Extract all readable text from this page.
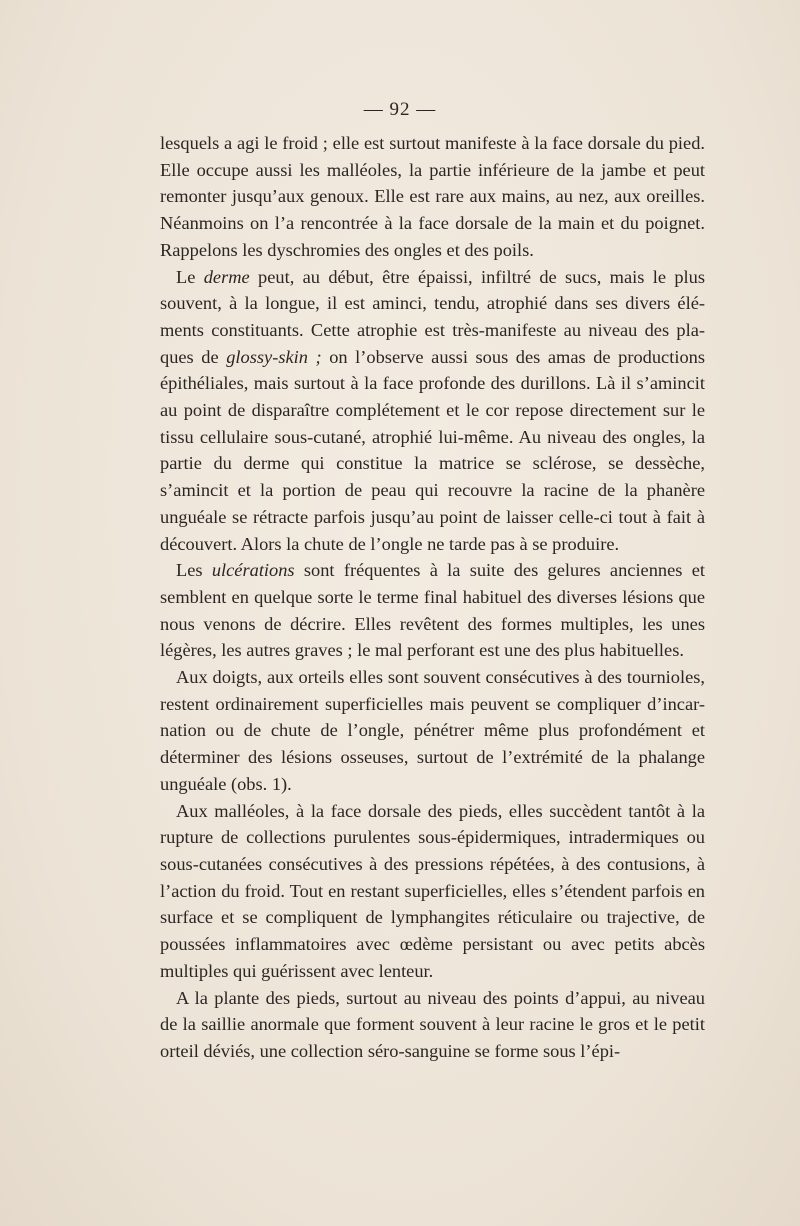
— 92 —

lesquels a agi le froid ; elle est surtout manifeste à la face dorsale du pied. Elle occupe aussi les malléoles, la partie inférieure de la jambe et peut remonter jusqu’aux genoux. Elle est rare aux mains, au nez, aux oreilles. Néanmoins on l’a rencontrée à la face dorsale de la main et du poignet. Rappelons les dyschromies des ongles et des poils.

Le derme peut, au début, être épaissi, infiltré de sucs, mais le plus souvent, à la longue, il est aminci, tendu, atrophié dans ses divers élé-ments constituants. Cette atrophie est très-manifeste au niveau des pla-ques de glossy-skin ; on l’observe aussi sous des amas de productions épithéliales, mais surtout à la face profonde des durillons. Là il s’amincit au point de disparaître complétement et le cor repose directement sur le tissu cellulaire sous-cutané, atrophié lui-même. Au niveau des ongles, la partie du derme qui constitue la matrice se sclérose, se dessèche, s’amincit et la portion de peau qui recouvre la racine de la phanère unguéale se rétracte parfois jusqu’au point de laisser celle-ci tout à fait à découvert. Alors la chute de l’ongle ne tarde pas à se produire.

Les ulcérations sont fréquentes à la suite des gelures anciennes et semblent en quelque sorte le terme final habituel des diverses lésions que nous venons de décrire. Elles revêtent des formes multiples, les unes légères, les autres graves ; le mal perforant est une des plus habituelles.

Aux doigts, aux orteils elles sont souvent consécutives à des tournioles, restent ordinairement superficielles mais peuvent se compliquer d’incar-nation ou de chute de l’ongle, pénétrer même plus profondément et déterminer des lésions osseuses, surtout de l’extrémité de la phalange unguéale (obs. 1).

Aux malléoles, à la face dorsale des pieds, elles succèdent tantôt à la rupture de collections purulentes sous-épidermiques, intradermiques ou sous-cutanées consécutives à des pressions répétées, à des contusions, à l’action du froid. Tout en restant superficielles, elles s’étendent parfois en surface et se compliquent de lymphangites réticulaire ou trajective, de poussées inflammatoires avec œdème persistant ou avec petits abcès multiples qui guérissent avec lenteur.

A la plante des pieds, surtout au niveau des points d’appui, au niveau de la saillie anormale que forment souvent à leur racine le gros et le petit orteil déviés, une collection séro-sanguine se forme sous l’épi-
